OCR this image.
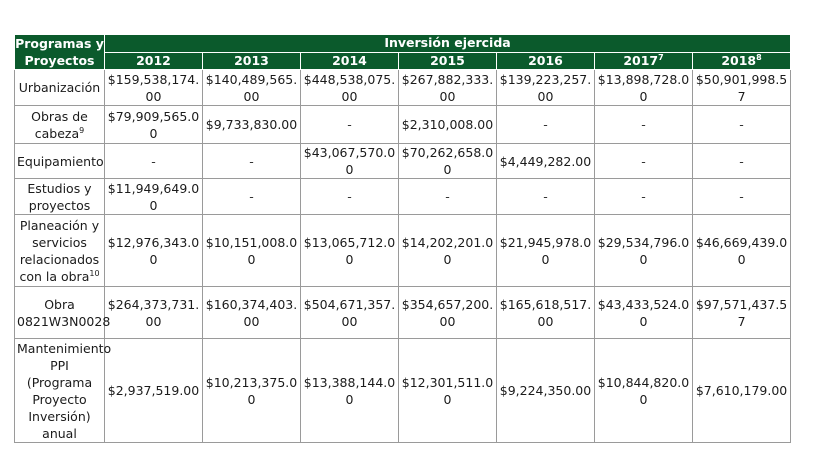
Programas y Proyectos	Inversión ejercida						
	2012	2013	2014	2015	2016	2017$^7$	2018$^8$
Urbanización	$159,538,174.00	$140,489,565.00	$448,538,075.00	$267,882,333.00	$139,223,257.00	$13,898,728.00	$50,901,998.57
Obras de cabeza$^9$	$79,909,565.00	$9,733,830.00	-	$2,310,008.00	-	-	-
Equipamiento	-	-	$43,067,570.00	$70,262,658.00	$4,449,282.00	-	-
Estudios y proyectos	$11,949,649.00	-	-	-	-	-	-
Planeación y servicios relacionados con la obra$^{10}$	$12,976,343.00	$10,151,008.00	$13,065,712.00	$14,202,201.00	$21,945,978.00	$29,534,796.00	$46,669,439.00
Obra 0821W3N0028	$264,373,731.00	$160,374,403.00	$504,671,357.00	$354,657,200.00	$165,618,517.00	$43,433,524.00	$97,571,437.57
Mantenimiento PPI (Programa Proyecto Inversión) anual	$2,937,519.00	$10,213,375.00	$13,388,144.00	$12,301,511.00	$9,224,350.00	$10,844,820.00	$7,610,179.00
